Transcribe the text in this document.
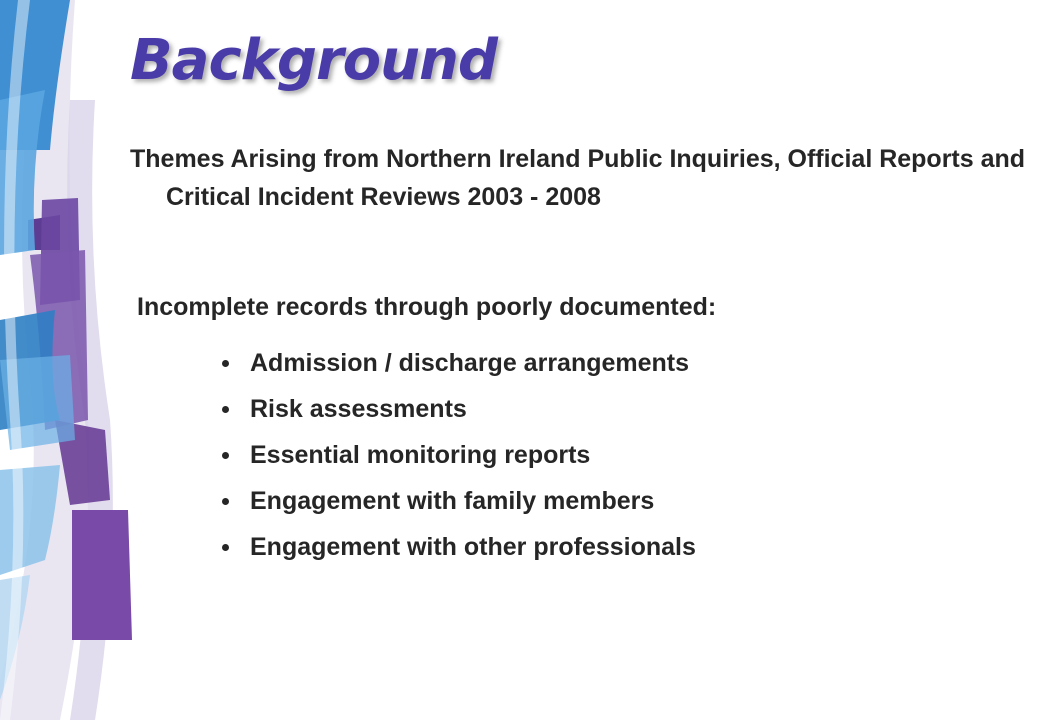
Background

Themes Arising from Northern Ireland Public Inquiries, Official Reports and Critical Incident Reviews 2003 - 2008

Incomplete records through poorly documented:

Admission / discharge arrangements
Risk assessments
Essential monitoring reports
Engagement with family members
Engagement with other professionals
